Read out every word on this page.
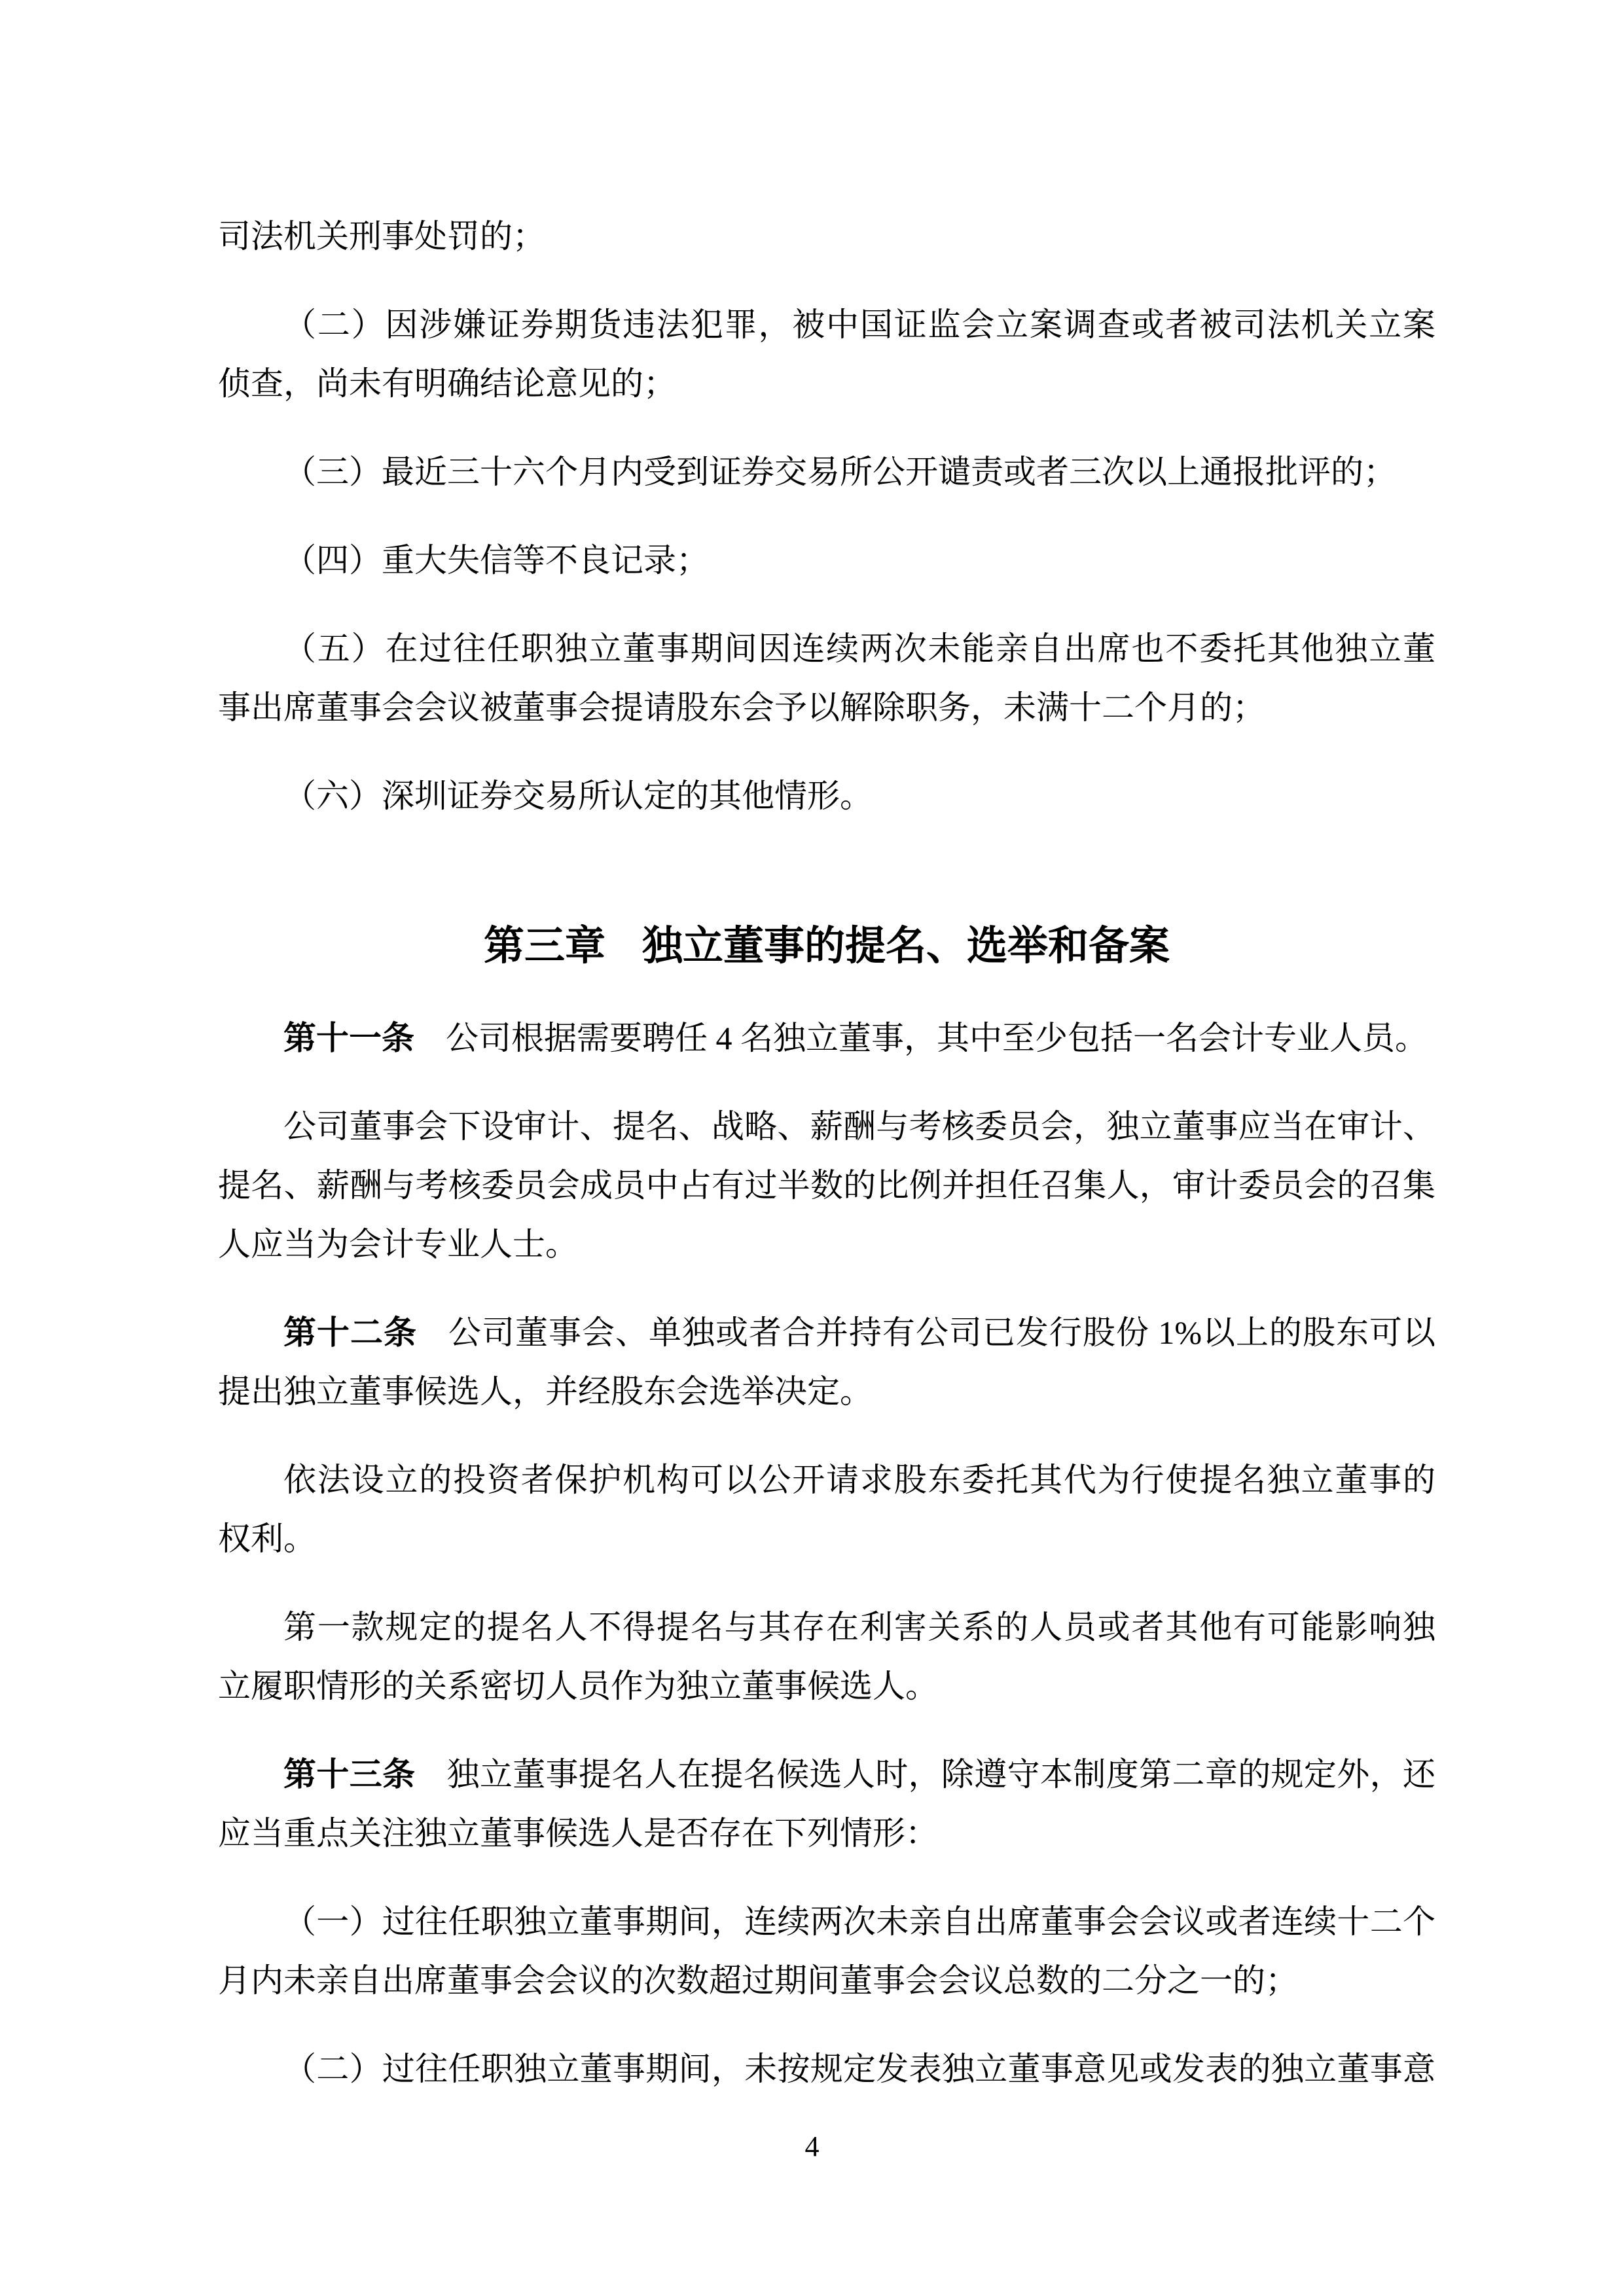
司法机关刑事处罚的；
（二）因涉嫌证券期货违法犯罪，被中国证监会立案调查或者被司法机关立案
侦查，尚未有明确结论意见的；
（三）最近三十六个月内受到证券交易所公开谴责或者三次以上通报批评的；
（四）重大失信等不良记录；
（五）在过往任职独立董事期间因连续两次未能亲自出席也不委托其他独立董
事出席董事会会议被董事会提请股东会予以解除职务，未满十二个月的；
（六）深圳证券交易所认定的其他情形。
第三章 独立董事的提名、选举和备案
第十一条 公司根据需要聘任 4 名独立董事，其中至少包括一名会计专业人员。
公司董事会下设审计、提名、战略、薪酬与考核委员会，独立董事应当在审计、
提名、薪酬与考核委员会成员中占有过半数的比例并担任召集人，审计委员会的召集
人应当为会计专业人士。
第十二条 公司董事会、单独或者合并持有公司已发行股份 1%以上的股东可以
提出独立董事候选人，并经股东会选举决定。
依法设立的投资者保护机构可以公开请求股东委托其代为行使提名独立董事的
权利。
第一款规定的提名人不得提名与其存在利害关系的人员或者其他有可能影响独
立履职情形的关系密切人员作为独立董事候选人。
第十三条 独立董事提名人在提名候选人时，除遵守本制度第二章的规定外，还
应当重点关注独立董事候选人是否存在下列情形：
（一）过往任职独立董事期间，连续两次未亲自出席董事会会议或者连续十二个
月内未亲自出席董事会会议的次数超过期间董事会会议总数的二分之一的；
（二）过往任职独立董事期间，未按规定发表独立董事意见或发表的独立董事意
4
